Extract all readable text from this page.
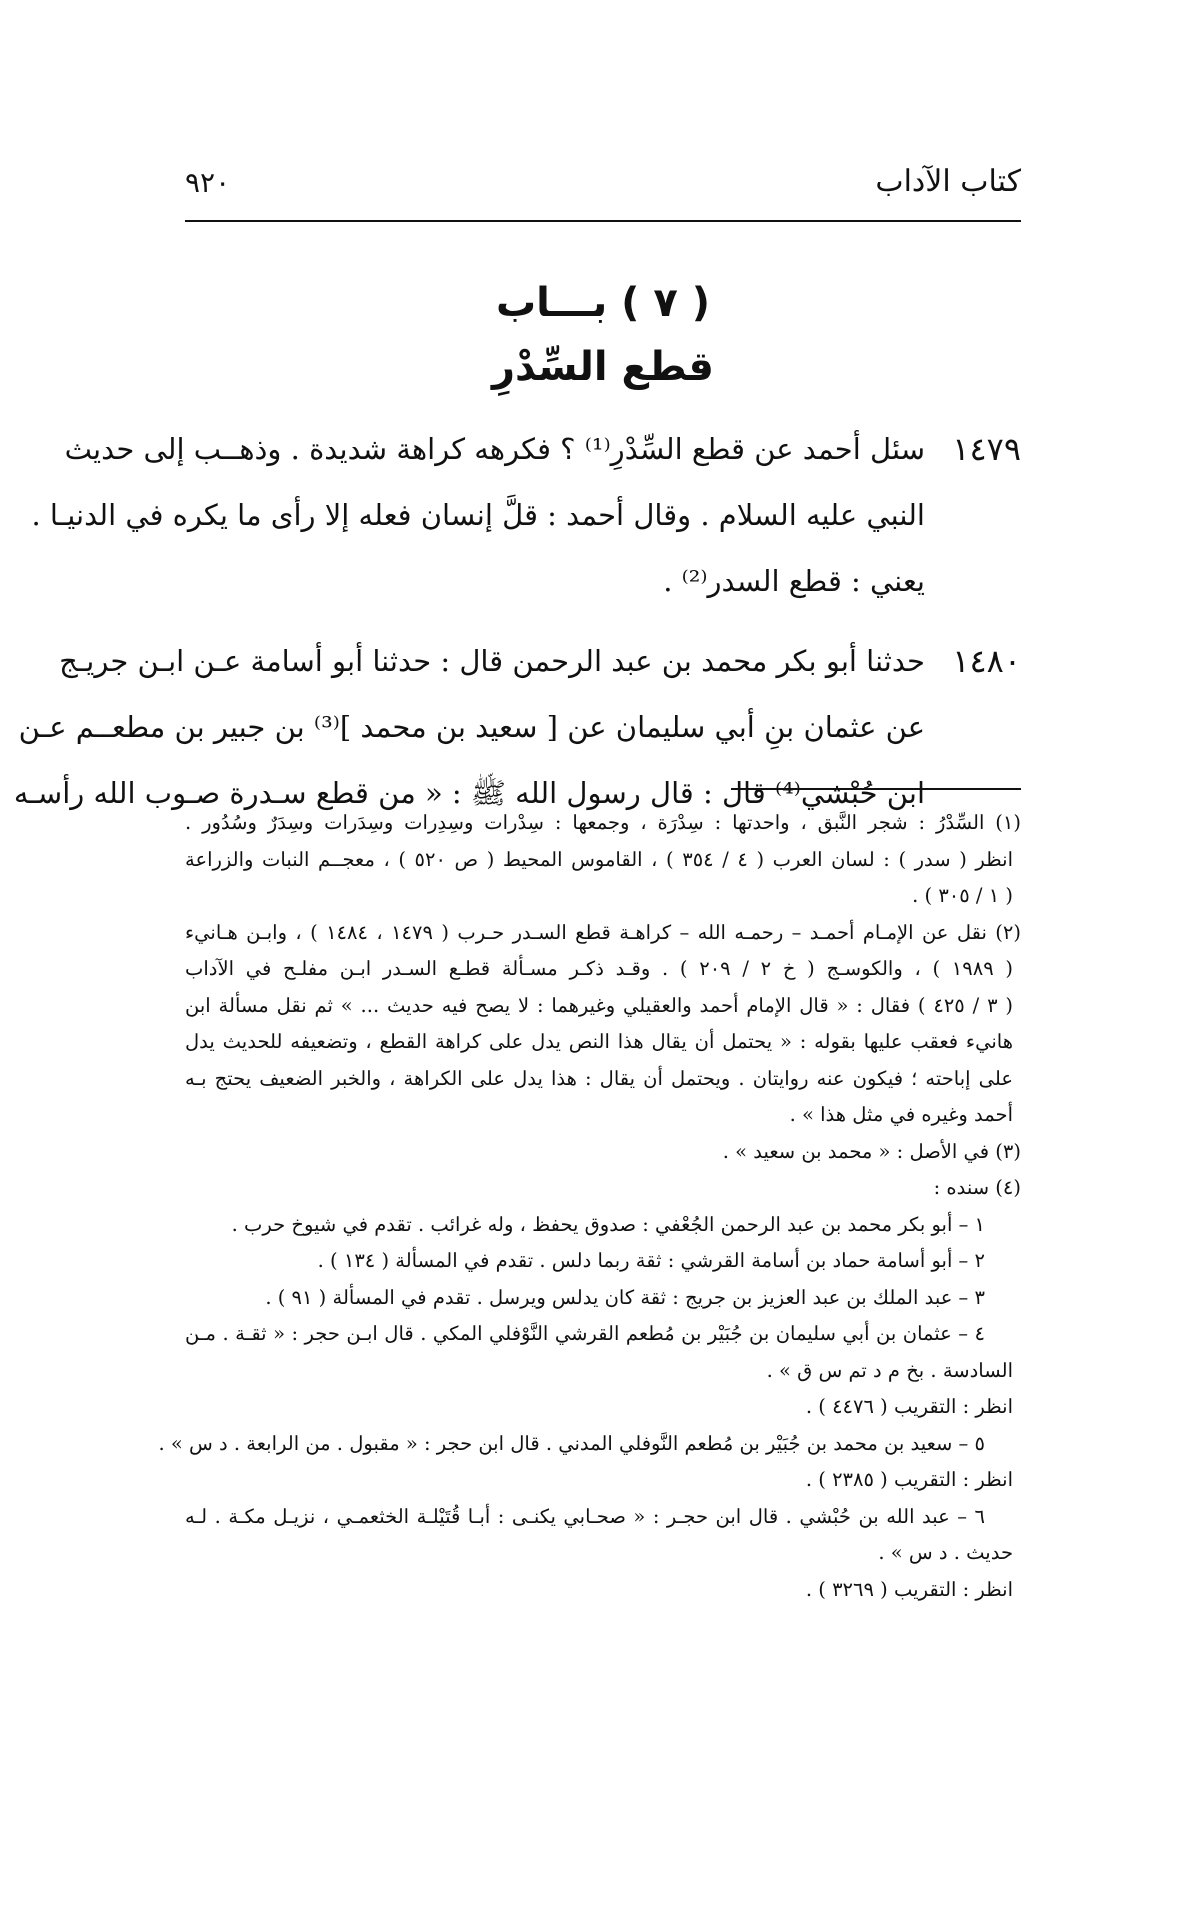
كتاب الآداب
٩٢٠
( ٧ ) بـــاب
قطع السِّدْرِ
١٤٧٩
سئل أحمد عن قطع السِّدْرِ⁽¹⁾ ؟ فكرهه كراهة شديدة . وذهــب إلى حديث
النبي عليه السلام . وقال أحمد : قلَّ إنسان فعله إلا رأى ما يكره في الدنيـا .
يعني : قطع السدر⁽²⁾ .
١٤٨٠
حدثنا أبو بكر محمد بن عبد الرحمن قال : حدثنا أبو أسامة عـن ابـن جريـج
عن عثمان بنِ أبي سليمان عن [ سعيد بن محمد ]⁽³⁾ بن جبير بن مطعــم عـن
ابن حُبْشي⁽⁴⁾ قال : قال رسول الله ﷺ : « من قطع سـدرة صـوب الله رأسـه
(١) السِّدْرُ : شجر النَّبق ، واحدتها : سِدْرَة ، وجمعها : سِدْرات وسِدِرات وسِدَرات وسِدَرٌ وسُدُور .
انظر ( سدر ) : لسان العرب ( ٤ / ٣٥٤ ) ، القاموس المحيط ( ص ٥٢٠ ) ، معجــم النبات والزراعة
( ١ / ٣٠٥ ) .
(٢) نقل عن الإمـام أحمـد – رحمـه الله – كراهـة قطع السـدر حـرب ( ١٤٧٩ ، ١٤٨٤ ) ، وابـن هـانيء
( ١٩٨٩ ) ، والكوسـج ( خ ٢ / ٢٠٩ ) . وقـد ذكـر مسـألة قطـع السـدر ابـن مفلـح في الآداب
( ٣ / ٤٢٥ ) فقال : « قال الإمام أحمد والعقيلي وغيرهما : لا يصح فيه حديث ... » ثم نقل مسألة ابن
هانيء فعقب عليها بقوله : « يحتمل أن يقال هذا النص يدل على كراهة القطع ، وتضعيفه للحديث يدل
على إباحته ؛ فيكون عنه روايتان . ويحتمل أن يقال : هذا يدل على الكراهة ، والخبر الضعيف يحتج بـه
أحمد وغيره في مثل هذا » .
(٣) في الأصل : « محمد بن سعيد » .
(٤) سنده :
١ – أبو بكر محمد بن عبد الرحمن الجُعْفي : صدوق يحفظ ، وله غرائب . تقدم في شيوخ حرب .
٢ – أبو أسامة حماد بن أسامة القرشي : ثقة ربما دلس . تقدم في المسألة ( ١٣٤ ) .
٣ – عبد الملك بن عبد العزيز بن جريج : ثقة كان يدلس ويرسل . تقدم في المسألة ( ٩١ ) .
٤ – عثمان بن أبي سليمان بن جُبَيْر بن مُطعم القرشي النَّوْفلي المكي . قال ابـن حجر : « ثقـة . مـن
السادسة . بخ م د تم س ق » .
انظر : التقريب ( ٤٤٧٦ ) .
٥ – سعيد بن محمد بن جُبَيْر بن مُطعم النَّوفلي المدني . قال ابن حجر : « مقبول . من الرابعة . د س » .
انظر : التقريب ( ٢٣٨٥ ) .
٦ – عبد الله بن حُبْشي . قال ابن حجـر : « صحـابي يكنـى : أبـا قُتَيْلـة الخثعمـي ، نزيـل مكـة . لـه
حديث . د س » .
انظر : التقريب ( ٣٢٦٩ ) .
